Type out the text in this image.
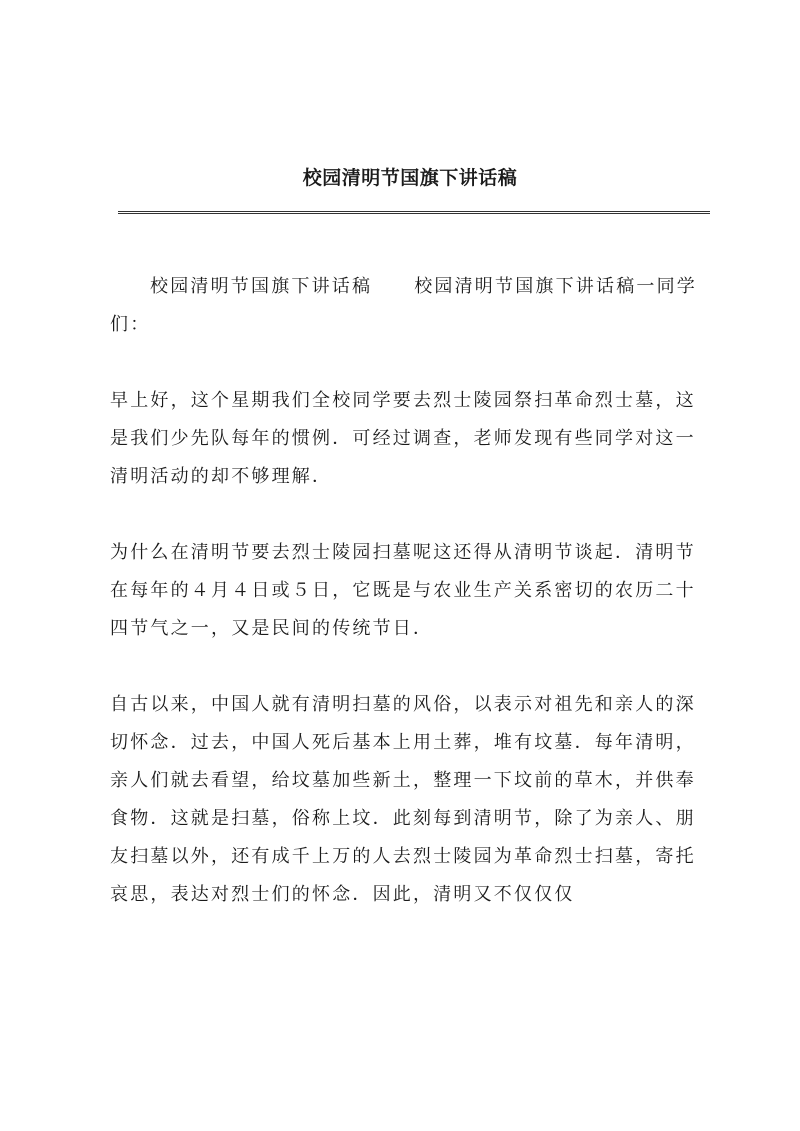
校园清明节国旗下讲话稿

校园清明节国旗下讲话稿 校园清明节国旗下讲话稿一同学们：

早上好，这个星期我们全校同学要去烈士陵园祭扫革命烈士墓，这是我们少先队每年的惯例．可经过调查，老师发现有些同学对这一清明活动的却不够理解．

为什么在清明节要去烈士陵园扫墓呢这还得从清明节谈起．清明节在每年的４月４日或５日，它既是与农业生产关系密切的农历二十四节气之一，又是民间的传统节日．

自古以来，中国人就有清明扫墓的风俗，以表示对祖先和亲人的深切怀念．过去，中国人死后基本上用土葬，堆有坟墓．每年清明，亲人们就去看望，给坟墓加些新土，整理一下坟前的草木，并供奉食物．这就是扫墓，俗称上坟．此刻每到清明节，除了为亲人、朋友扫墓以外，还有成千上万的人去烈士陵园为革命烈士扫墓，寄托哀思，表达对烈士们的怀念．因此，清明又不仅仅仅
